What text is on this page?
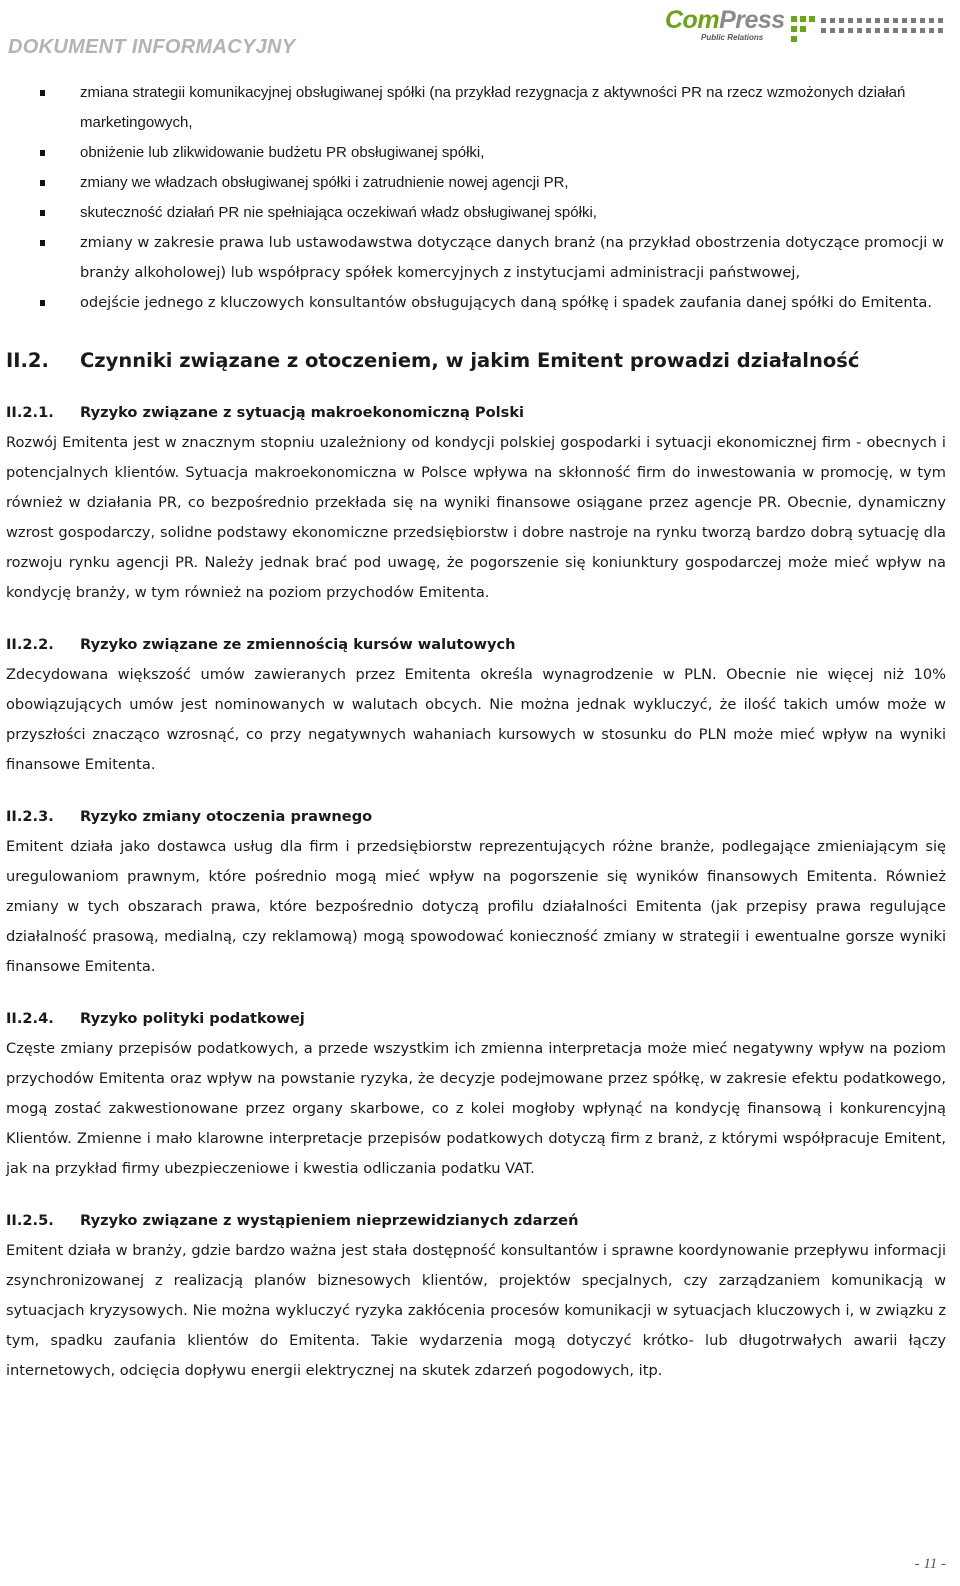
DOKUMENT INFORMACYJNY
ComPress
Public Relations
zmiana strategii komunikacyjnej obsługiwanej spółki (na przykład rezygnacja z aktywności PR na rzecz wzmożonych działań marketingowych,
obniżenie lub zlikwidowanie budżetu PR obsługiwanej spółki,
zmiany we władzach obsługiwanej spółki i zatrudnienie nowej agencji PR,
skuteczność działań PR nie spełniająca oczekiwań władz obsługiwanej spółki,
zmiany w zakresie prawa lub ustawodawstwa dotyczące danych branż (na przykład obostrzenia dotyczące promocji w branży alkoholowej) lub współpracy spółek komercyjnych z instytucjami administracji państwowej,
odejście jednego z kluczowych konsultantów obsługujących daną spółkę i spadek zaufania danej spółki do Emitenta.
II.2.	Czynniki związane z otoczeniem, w jakim Emitent prowadzi działalność
II.2.1.	Ryzyko związane z sytuacją makroekonomiczną Polski

Rozwój Emitenta jest w znacznym stopniu uzależniony od kondycji polskiej gospodarki i sytuacji ekonomicznej firm - obecnych i potencjalnych klientów. Sytuacja makroekonomiczna w Polsce wpływa na skłonność firm do inwestowania w promocję, w tym również w działania PR, co bezpośrednio przekłada się na wyniki finansowe osiągane przez agencje PR. Obecnie, dynamiczny wzrost gospodarczy, solidne podstawy ekonomiczne przedsiębiorstw i dobre nastroje na rynku tworzą bardzo dobrą sytuację dla rozwoju rynku agencji PR. Należy jednak brać pod uwagę, że pogorszenie się koniunktury gospodarczej może mieć wpływ na kondycję branży, w tym również na poziom przychodów Emitenta.

II.2.2.	Ryzyko związane ze zmiennością kursów walutowych

Zdecydowana większość umów zawieranych przez Emitenta określa wynagrodzenie w PLN. Obecnie nie więcej niż 10% obowiązujących umów jest nominowanych w walutach obcych. Nie można jednak wykluczyć, że ilość takich umów może w przyszłości znacząco wzrosnąć, co przy negatywnych wahaniach kursowych w stosunku do PLN może mieć wpływ na wyniki finansowe Emitenta.

II.2.3.	Ryzyko zmiany otoczenia prawnego

Emitent działa jako dostawca usług dla firm i przedsiębiorstw reprezentujących różne branże, podlegające zmieniającym się uregulowaniom prawnym, które pośrednio mogą mieć wpływ na pogorszenie się wyników finansowych Emitenta. Również zmiany w tych obszarach prawa, które bezpośrednio dotyczą profilu działalności Emitenta (jak przepisy prawa regulujące działalność prasową, medialną, czy reklamową) mogą spowodować konieczność zmiany w strategii i ewentualne gorsze wyniki finansowe Emitenta.

II.2.4.	Ryzyko polityki podatkowej

Częste zmiany przepisów podatkowych, a przede wszystkim ich zmienna interpretacja może mieć negatywny wpływ na poziom przychodów Emitenta oraz wpływ na powstanie ryzyka, że decyzje podejmowane przez spółkę, w zakresie efektu podatkowego, mogą zostać zakwestionowane przez organy skarbowe, co z kolei mogłoby wpłynąć na kondycję finansową i konkurencyjną Klientów. Zmienne i mało klarowne interpretacje przepisów podatkowych dotyczą firm z branż, z którymi współpracuje Emitent, jak na przykład firmy ubezpieczeniowe i kwestia odliczania podatku VAT.

II.2.5.	Ryzyko związane z wystąpieniem nieprzewidzianych zdarzeń

Emitent działa w branży, gdzie bardzo ważna jest stała dostępność konsultantów i sprawne koordynowanie przepływu informacji zsynchronizowanej z realizacją planów biznesowych klientów, projektów specjalnych, czy zarządzaniem komunikacją w sytuacjach kryzysowych. Nie można wykluczyć ryzyka zakłócenia procesów komunikacji w sytuacjach kluczowych i, w związku z tym, spadku zaufania klientów do Emitenta. Takie wydarzenia mogą dotyczyć krótko- lub długotrwałych awarii łączy internetowych, odcięcia dopływu energii elektrycznej na skutek zdarzeń pogodowych, itp.

- 11 -
